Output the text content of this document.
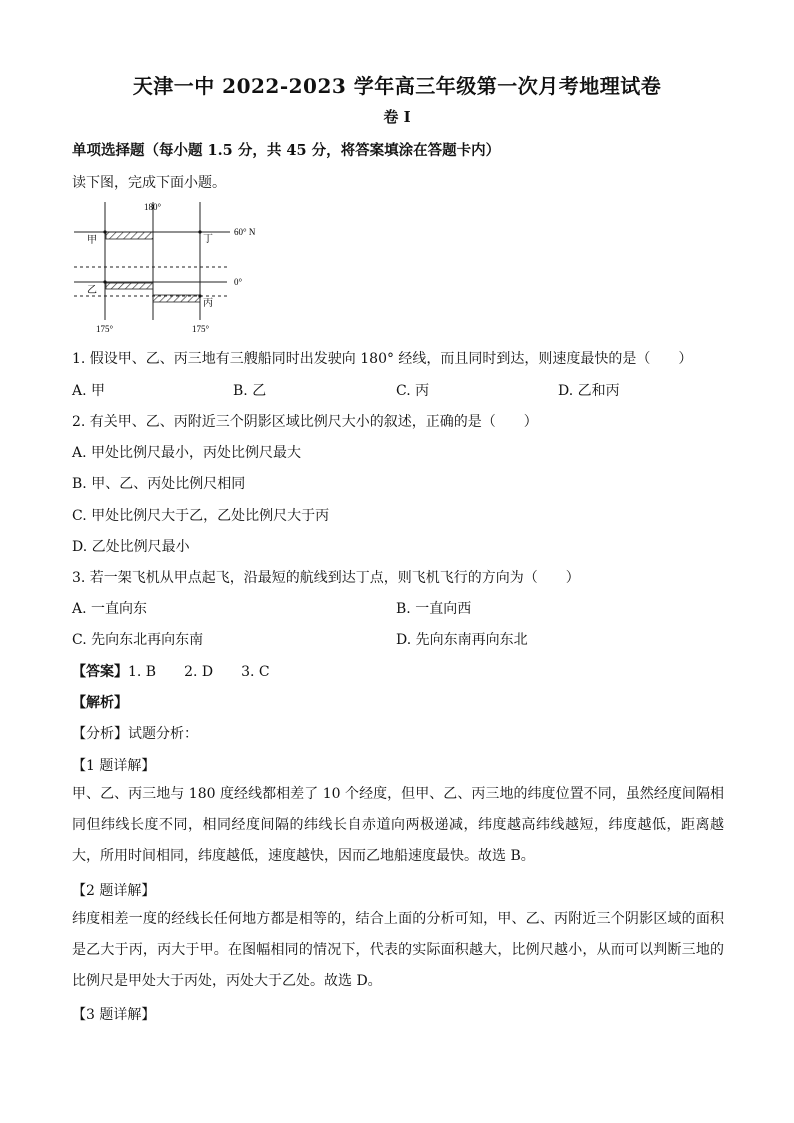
天津一中 2022-2023 学年高三年级第一次月考地理试卷
卷 I
单项选择题（每小题 1.5 分，共 45 分，将答案填涂在答题卡内）
读下图，完成下面小题。
180°
60° N
0°
175°	175°
甲
乙
丙
丁
1. 假设甲、乙、丙三地有三艘船同时出发驶向 180° 经线，而且同时到达，则速度最快的是（　　）
A. 甲	B. 乙	C. 丙	D. 乙和丙
2. 有关甲、乙、丙附近三个阴影区域比例尺大小的叙述，正确的是（　　）
A. 甲处比例尺最小，丙处比例尺最大
B. 甲、乙、丙处比例尺相同
C. 甲处比例尺大于乙，乙处比例尺大于丙
D. 乙处比例尺最小
3. 若一架飞机从甲点起飞，沿最短的航线到达丁点，则飞机飞行的方向为（　　）
A. 一直向东	B. 一直向西
C. 先向东北再向东南	D. 先向东南再向东北
【答案】1. B　　2. D　　3. C
【解析】
【分析】试题分析：
【1 题详解】
甲、乙、丙三地与 180 度经线都相差了 10 个经度，但甲、乙、丙三地的纬度位置不同，虽然经度间隔相同但纬线长度不同，相同经度间隔的纬线长自赤道向两极递减，纬度越高纬线越短，纬度越低，距离越大，所用时间相同，纬度越低，速度越快，因而乙地船速度最快。故选 B。
【2 题详解】
纬度相差一度的经线长任何地方都是相等的，结合上面的分析可知，甲、乙、丙附近三个阴影区域的面积是乙大于丙，丙大于甲。在图幅相同的情况下，代表的实际面积越大，比例尺越小，从而可以判断三地的比例尺是甲处大于丙处，丙处大于乙处。故选 D。
【3 题详解】
